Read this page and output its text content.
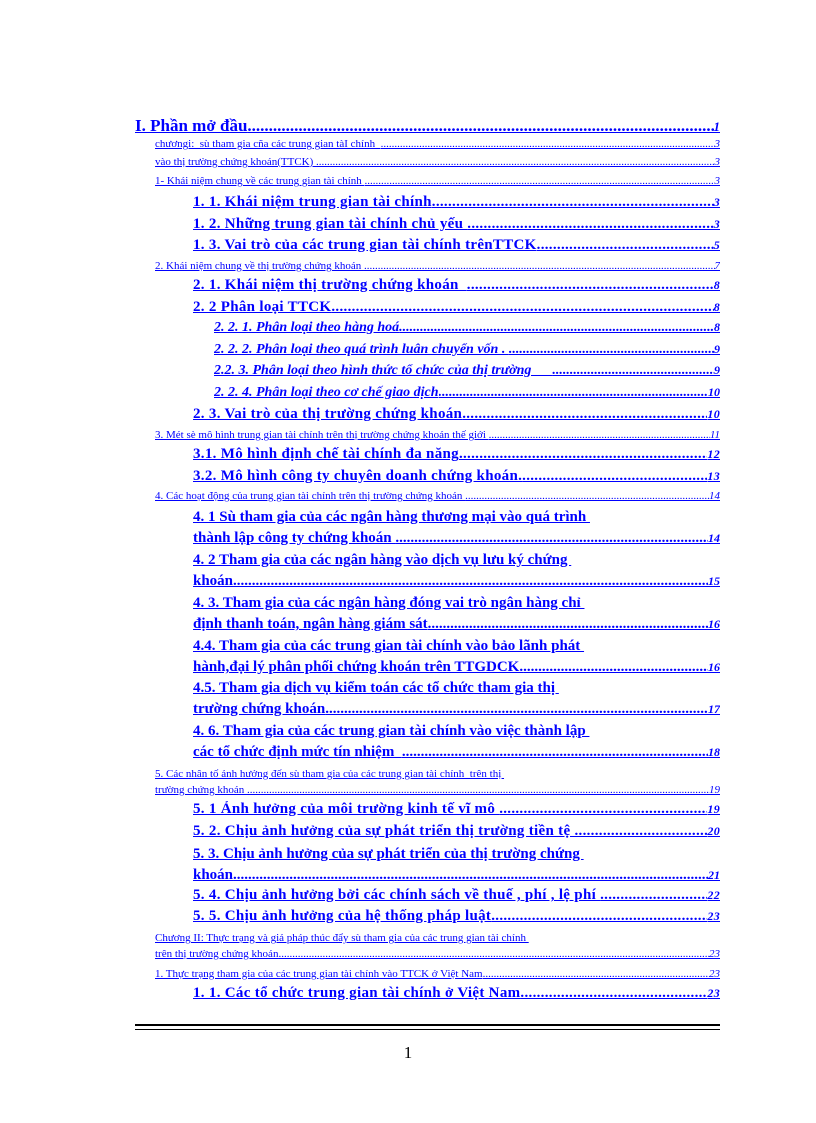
I. Phần mở đầu .....	1
chươngi:  sù tham gia cña các trung gian tàI chính .....	3
vào thị trường chứng khoán(TTCK) .....	3
1- Khái niệm chung về các trung gian tài chính .....	3
1. 1. Khái niệm trung gian tài chính .....	3
1. 2. Những trung gian tài chính chủ yếu .....	3
1. 3. Vai trò của các trung gian tài chính trênTTCK .....	5
2. Khái niệm chung về thị trường chứng khoán .....	7
2. 1. Khái niệm thị trường chứng khoán .....	8
2. 2 Phân loại TTCK .....	8
2. 2. 1. Phân loại theo hàng hoá .....	8
2. 2. 2. Phân loại theo quá trình luân chuyển vốn . .....	9
2.2. 3. Phân loại theo hình thức tổ chức của thị trường .....	9
2. 2. 4. Phân loại theo cơ chế giao dịch .....	10
2. 3. Vai trò của thị trường chứng khoán .....	10
3. Mét sè mô hình trung gian tài chính trên thị trường chứng khoán thế giới .....	11
3.1. Mô hình định chế tài chính đa năng .....	12
3.2. Mô hình công ty chuyên doanh chứng khoán. .....	13
4. Các hoạt động của trung gian tài chính trên thị trường chứng khoán .....	14
4. 1 Sù tham gia của các ngân hàng thương mại vào quá trình
thành lập công ty chứng khoán .....	14
4. 2 Tham gia của các ngân hàng vào dịch vụ lưu ký chứng
khoán .....	15
4. 3. Tham gia của các ngân hàng đóng vai trò ngân hàng chỉ
định thanh toán, ngân hàng giám sát .....	16
4.4. Tham gia của các trung gian tài chính vào bảo lãnh phát
hành,đại lý phân phối chứng khoán trên TTGDCK. .....	16
4.5. Tham gia dịch vụ kiểm toán các tổ chức tham gia thị
trường chứng khoán .....	17
4. 6. Tham gia của các trung gian tài chính vào việc thành lập
các tổ chức định mức tín nhiệm .....	18
5. Các nhân tố ảnh hưởng đến sù tham gia của các trung gian tài chính  trên thị
trường chứng khoán .....	19
5. 1 Ảnh hưởng của môi trường kinh tế vĩ mô .....	19
5. 2. Chịu ảnh hưởng của sự phát triển thị trường tiền tệ .....	20
5. 3. Chịu ảnh hưởng của sự phát triển của thị trường chứng
khoán .....	21
5. 4. Chịu ảnh hưởng bởi các chính sách về thuế , phí , lệ phí .....	22
5. 5. Chịu ảnh hưởng của hệ thống pháp luật .....	23
Chương II: Thực trạng và giả pháp thúc đẩy sù tham gia của các trung gian tài chính
trên thị trường chứng khoán .....	23
1. Thực trạng tham gia của các trung gian tài chính vào TTCK ở Việt Nam .....	23
1. 1. Các tổ chức trung gian tài chính ở Việt Nam .....	23
1
